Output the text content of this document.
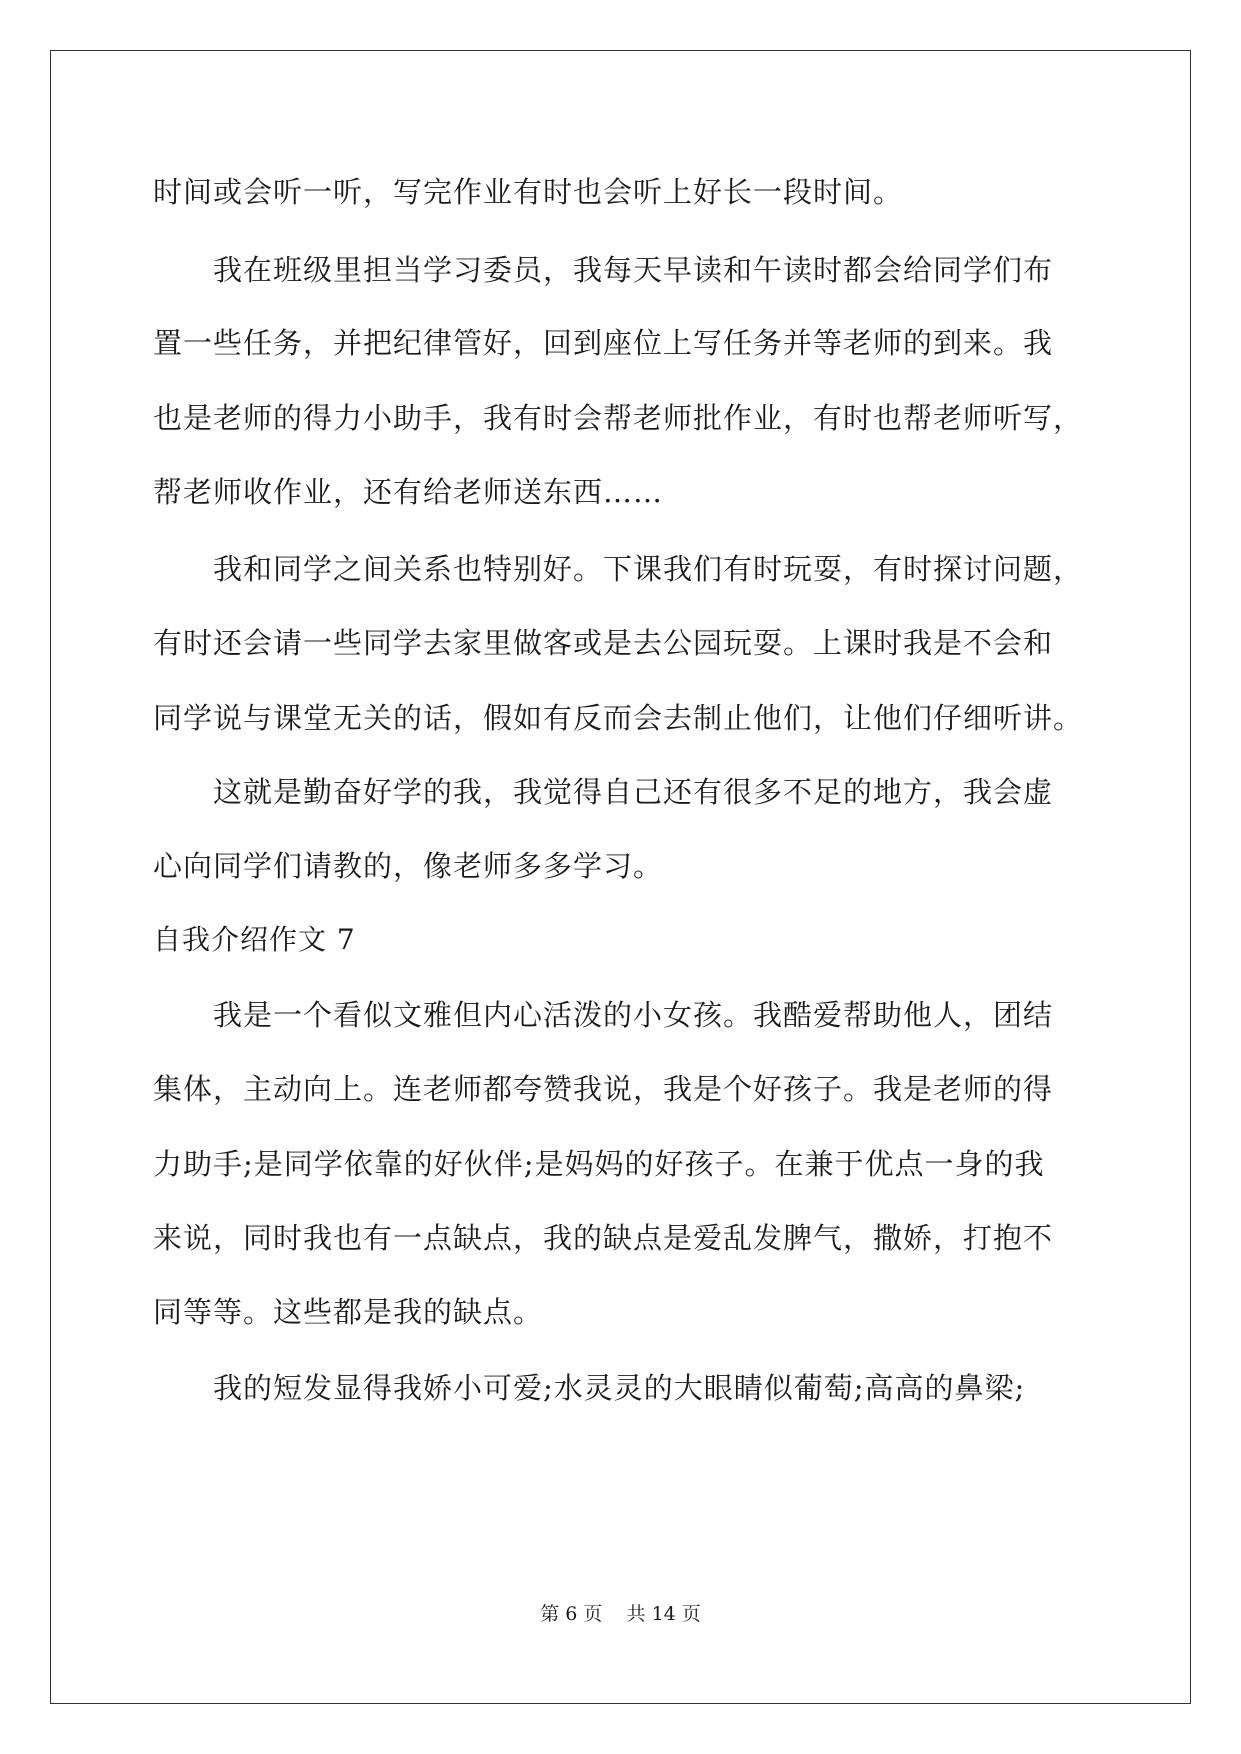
时间或会听一听，写完作业有时也会听上好长一段时间。
我在班级里担当学习委员，我每天早读和午读时都会给同学们布
置一些任务，并把纪律管好，回到座位上写任务并等老师的到来。我
也是老师的得力小助手，我有时会帮老师批作业，有时也帮老师听写，
帮老师收作业，还有给老师送东西……
我和同学之间关系也特别好。下课我们有时玩耍，有时探讨问题，
有时还会请一些同学去家里做客或是去公园玩耍。上课时我是不会和
同学说与课堂无关的话，假如有反而会去制止他们，让他们仔细听讲。
这就是勤奋好学的我，我觉得自己还有很多不足的地方，我会虚
心向同学们请教的，像老师多多学习。
自我介绍作文 7
我是一个看似文雅但内心活泼的小女孩。我酷爱帮助他人，团结
集体，主动向上。连老师都夸赞我说，我是个好孩子。我是老师的得
力助手;是同学依靠的好伙伴;是妈妈的好孩子。在兼于优点一身的我
来说，同时我也有一点缺点，我的缺点是爱乱发脾气，撒娇，打抱不
同等等。这些都是我的缺点。
我的短发显得我娇小可爱;水灵灵的大眼睛似葡萄;高高的鼻梁;
第 6 页    共 14 页
